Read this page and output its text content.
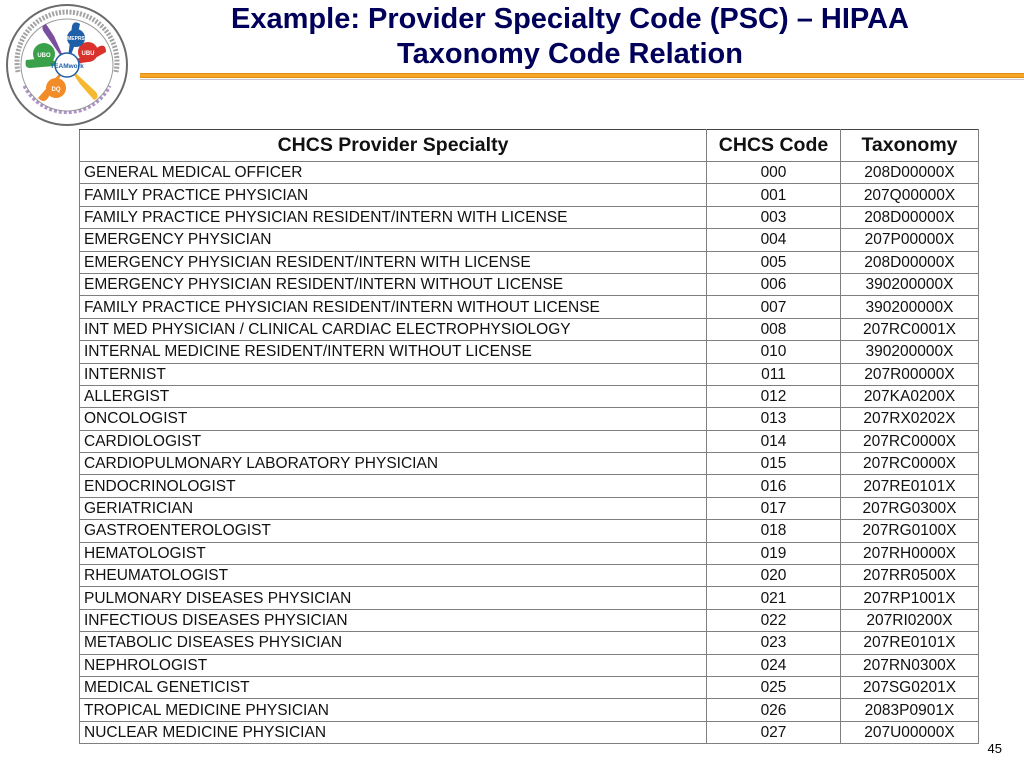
TEAMwork
UBO	UBU
DQ
MEPRS
Example: Provider Specialty Code (PSC) – HIPAA
Taxonomy Code Relation
CHCS Provider Specialty	CHCS Code	Taxonomy
GENERAL MEDICAL OFFICER	000	208D00000X
FAMILY PRACTICE PHYSICIAN	001	207Q00000X
FAMILY PRACTICE PHYSICIAN RESIDENT/INTERN WITH LICENSE	003	208D00000X
EMERGENCY PHYSICIAN	004	207P00000X
EMERGENCY PHYSICIAN RESIDENT/INTERN WITH LICENSE	005	208D00000X
EMERGENCY PHYSICIAN RESIDENT/INTERN WITHOUT LICENSE	006	390200000X
FAMILY PRACTICE PHYSICIAN RESIDENT/INTERN WITHOUT LICENSE	007	390200000X
INT MED PHYSICIAN / CLINICAL CARDIAC ELECTROPHYSIOLOGY	008	207RC0001X
INTERNAL MEDICINE RESIDENT/INTERN WITHOUT LICENSE	010	390200000X
INTERNIST	011	207R00000X
ALLERGIST	012	207KA0200X
ONCOLOGIST	013	207RX0202X
CARDIOLOGIST	014	207RC0000X
CARDIOPULMONARY LABORATORY PHYSICIAN	015	207RC0000X
ENDOCRINOLOGIST	016	207RE0101X
GERIATRICIAN	017	207RG0300X
GASTROENTEROLOGIST	018	207RG0100X
HEMATOLOGIST	019	207RH0000X
RHEUMATOLOGIST	020	207RR0500X
PULMONARY DISEASES PHYSICIAN	021	207RP1001X
INFECTIOUS DISEASES PHYSICIAN	022	207RI0200X
METABOLIC DISEASES PHYSICIAN	023	207RE0101X
NEPHROLOGIST	024	207RN0300X
MEDICAL GENETICIST	025	207SG0201X
TROPICAL MEDICINE PHYSICIAN	026	2083P0901X
NUCLEAR MEDICINE PHYSICIAN	027	207U00000X
45
